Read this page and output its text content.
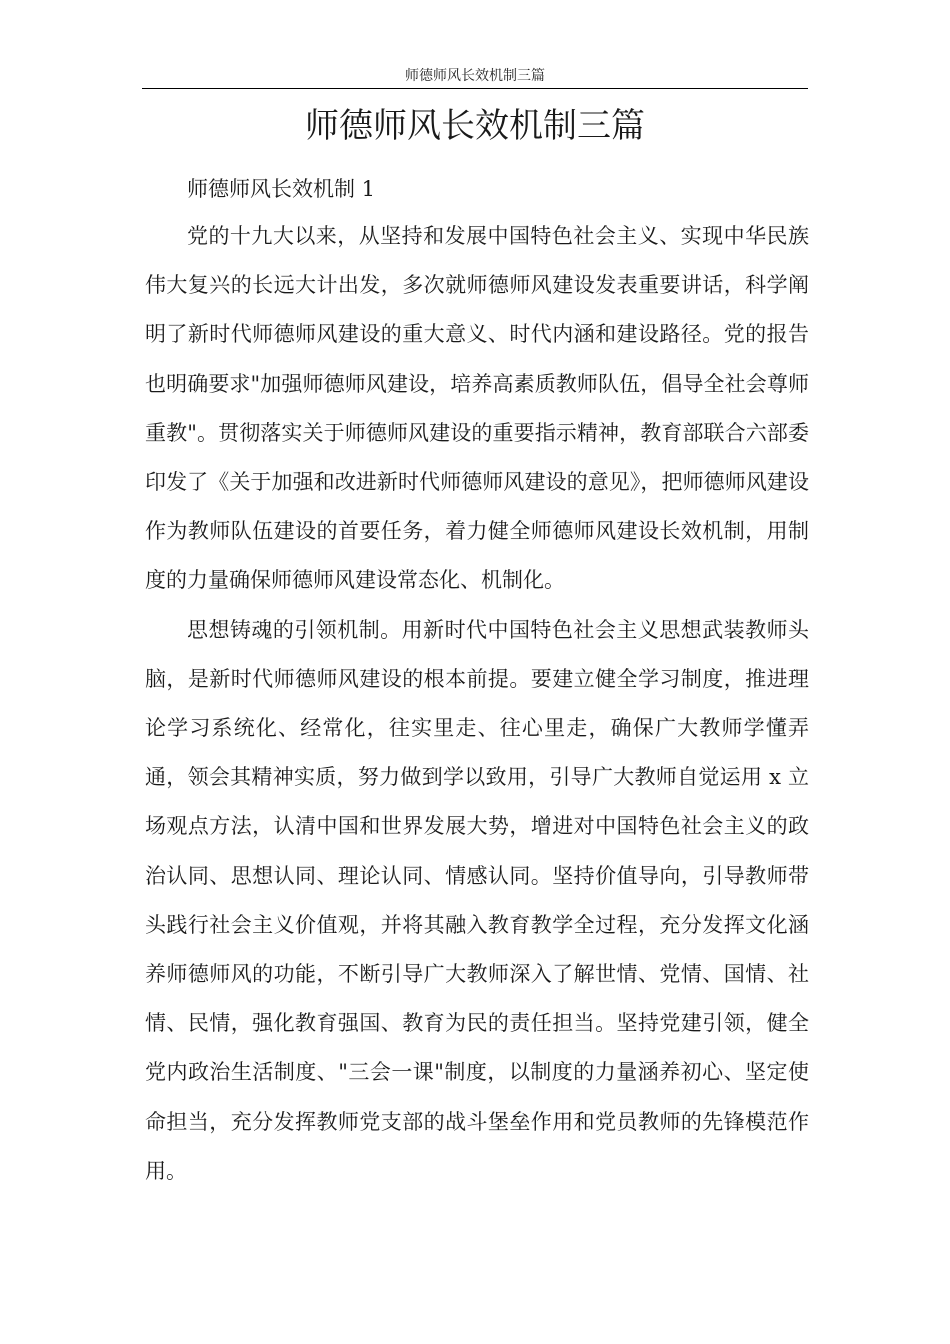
师德师风长效机制三篇
师德师风长效机制三篇

师德师风长效机制 1

党的十九大以来，从坚持和发展中国特色社会主义、实现中华民族伟大复兴的长远大计出发，多次就师德师风建设发表重要讲话，科学阐明了新时代师德师风建设的重大意义、时代内涵和建设路径。党的报告也明确要求"加强师德师风建设，培养高素质教师队伍，倡导全社会尊师重教"。贯彻落实关于师德师风建设的重要指示精神，教育部联合六部委印发了《关于加强和改进新时代师德师风建设的意见》，把师德师风建设作为教师队伍建设的首要任务，着力健全师德师风建设长效机制，用制度的力量确保师德师风建设常态化、机制化。

思想铸魂的引领机制。用新时代中国特色社会主义思想武装教师头脑，是新时代师德师风建设的根本前提。要建立健全学习制度，推进理论学习系统化、经常化，往实里走、往心里走，确保广大教师学懂弄通，领会其精神实质，努力做到学以致用，引导广大教师自觉运用 x 立场观点方法，认清中国和世界发展大势，增进对中国特色社会主义的政治认同、思想认同、理论认同、情感认同。坚持价值导向，引导教师带头践行社会主义价值观，并将其融入教育教学全过程，充分发挥文化涵养师德师风的功能，不断引导广大教师深入了解世情、党情、国情、社情、民情，强化教育强国、教育为民的责任担当。坚持党建引领，健全党内政治生活制度、"三会一课"制度，以制度的力量涵养初心、坚定使命担当，充分发挥教师党支部的战斗堡垒作用和党员教师的先锋模范作用。
